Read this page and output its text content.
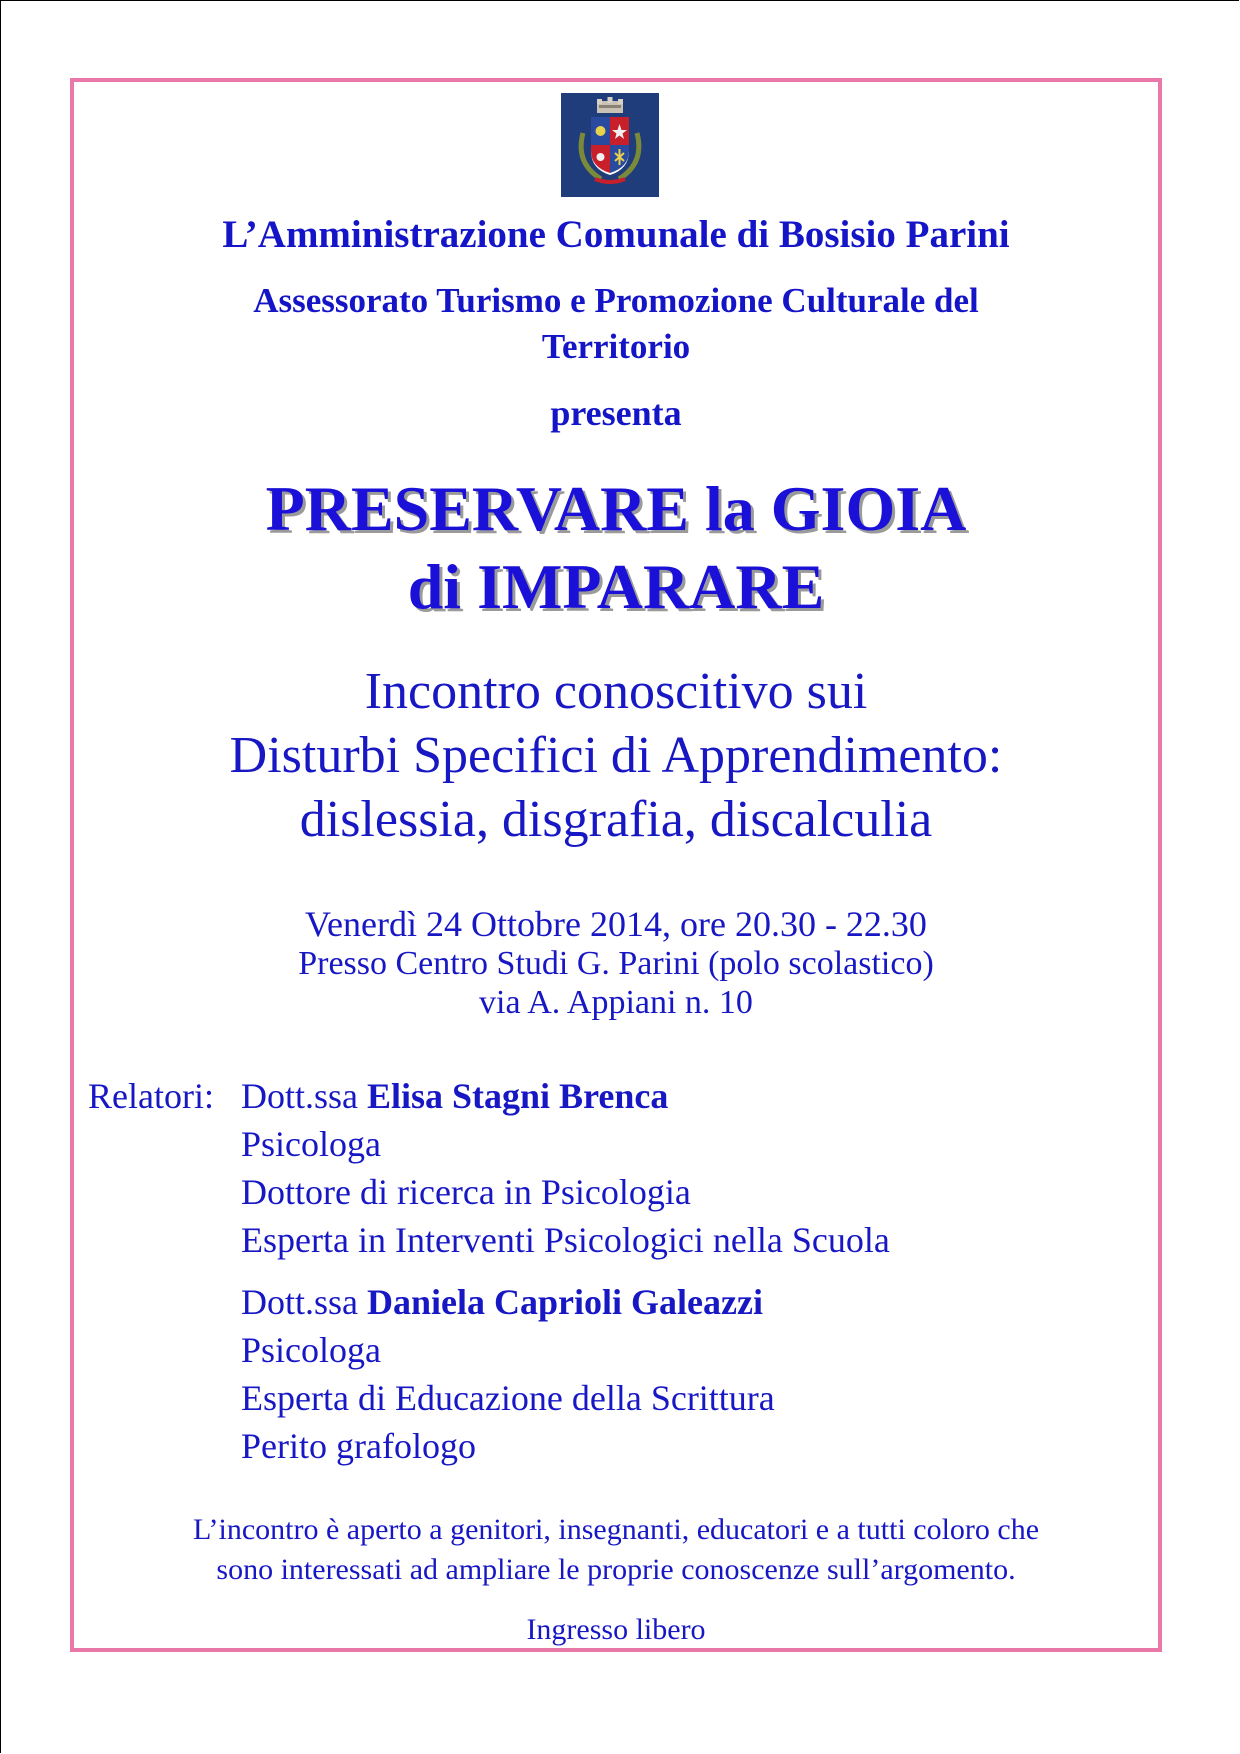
L’Amministrazione Comunale di Bosisio Parini
Assessorato Turismo e Promozione Culturale del
Territorio
presenta
PRESERVARE la GIOIA
di IMPARARE
Incontro conoscitivo sui
Disturbi Specifici di Apprendimento:
dislessia, disgrafia, discalculia
Venerdì 24 Ottobre 2014, ore 20.30 - 22.30
Presso Centro Studi G. Parini (polo scolastico)
via A. Appiani n. 10
Relatori: Dott.ssa Elisa Stagni Brenca
Psicologa
Dottore di ricerca in Psicologia
Esperta in Interventi Psicologici nella Scuola
Dott.ssa Daniela Caprioli Galeazzi
Psicologa
Esperta di Educazione della Scrittura
Perito grafologo
L’incontro è aperto a genitori, insegnanti, educatori e a tutti coloro che
sono interessati ad ampliare le proprie conoscenze sull’argomento.
Ingresso libero
